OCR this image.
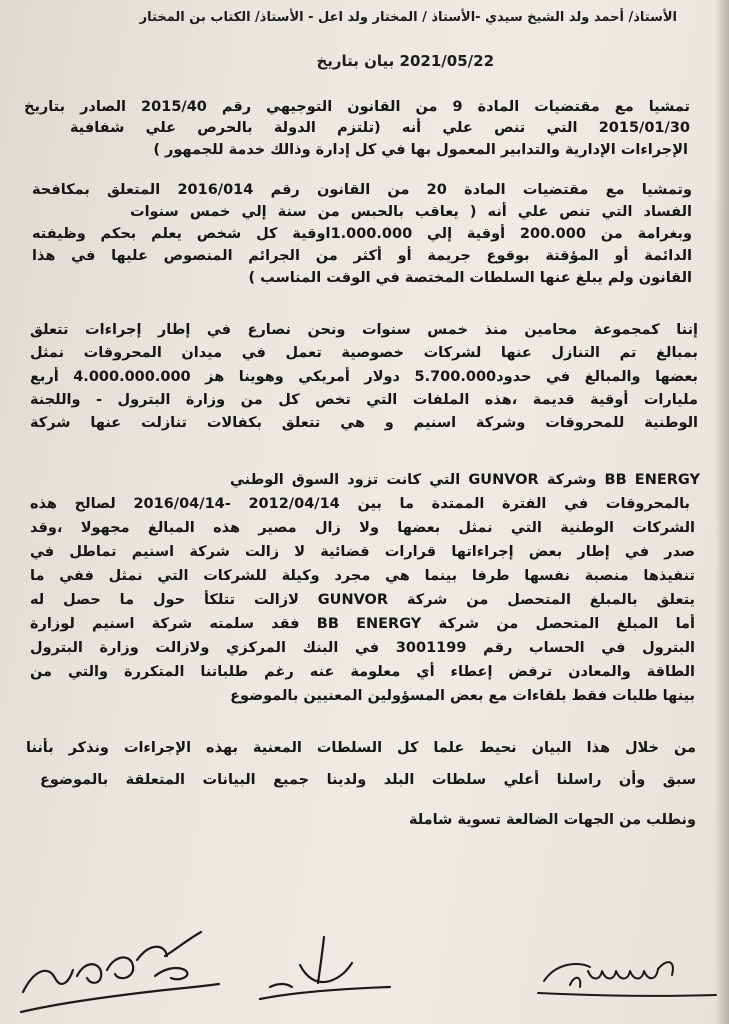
الأستاذ/ أحمد ولد الشيخ سيدي -الأستاذ / المختار ولد اعل - الأستاذ/ الكتاب بن المختار
2021/05/22 بيان بتاريخ
تمشيا مع مقتضيات المادة 9 من القانون التوجيهي رقم 2015/40 الصادر بتاريخ
2015/01/30 التي تنص علي أنه (تلتزم الدولة بالحرص علي شفافية
الإجراءات الإدارية والتدابير المعمول بها في كل إدارة وذالك خدمة للجمهور )
وتمشيا مع مقتضيات المادة 20 من القانون رقم 2016/014 المتعلق بمكافحة
الفساد التي تنص علي أنه ( يعاقب بالحبس من سنة إلي خمس سنوات
وبغرامة من 200.000 أوقية إلي 1.000.000اوقية كل شخص يعلم بحكم وظيفته
الدائمة أو المؤقتة بوقوع جريمة أو أكثر من الجرائم المنصوص عليها في هذا
القانون ولم يبلغ عنها السلطات المختصة في الوقت المناسب )
إننا كمجموعة محامين منذ خمس سنوات ونحن نصارع في إطار إجراءات تتعلق
بمبالغ تم التنازل عنها لشركات خصوصية تعمل في ميدان المحروقات نمثل
بعضها والمبالغ في حدود5.700.000 دولار أمريكي وهوينا هز 4.000.000.000 أربع
مليارات أوقية قديمة ،هذه الملفات التي تخص كل من وزارة البترول - واللجنة
الوطنية للمحروقات وشركة اسنيم و هي تتعلق بكفالات تنازلت عنها شركة
BB ENERGY وشركة GUNVOR التي كانت تزود السوق الوطني
بالمحروقات في الفترة الممتدة ما بين 2012/04/14 -2016/04/14 لصالح هذه
الشركات الوطنية التي نمثل بعضها ولا زال مصير هذه المبالغ مجهولا ،وقد
صدر في إطار بعض إجراءاتها قرارات قضائية لا زالت شركة اسنيم تماطل في
تنفيذها منصبة نفسها طرفا بينما هي مجرد وكيلة للشركات التي نمثل ففي ما
يتعلق بالمبلغ المتحصل من شركة GUNVOR لازالت تتلكأ حول ما حصل له
أما المبلغ المتحصل من شركة BB ENERGY فقد سلمته شركة اسنيم لوزارة
البترول في الحساب رقم 3001199 في البنك المركزي ولازالت وزارة البترول
الطاقة والمعادن ترفض إعطاء أي معلومة عنه رغم طلباتنا المتكررة والتي من
بينها طلبات فقط بلقاءات مع بعض المسؤولين المعنيين بالموضوع
من خلال هذا البيان نحيط علما كل السلطات المعنية بهذه الإجراءات ونذكر بأننا
سبق وأن راسلنا أعلي سلطات البلد ولدينا جميع البيانات المتعلقة بالموضوع
ونطلب من الجهات الضالعة تسوية شاملة
